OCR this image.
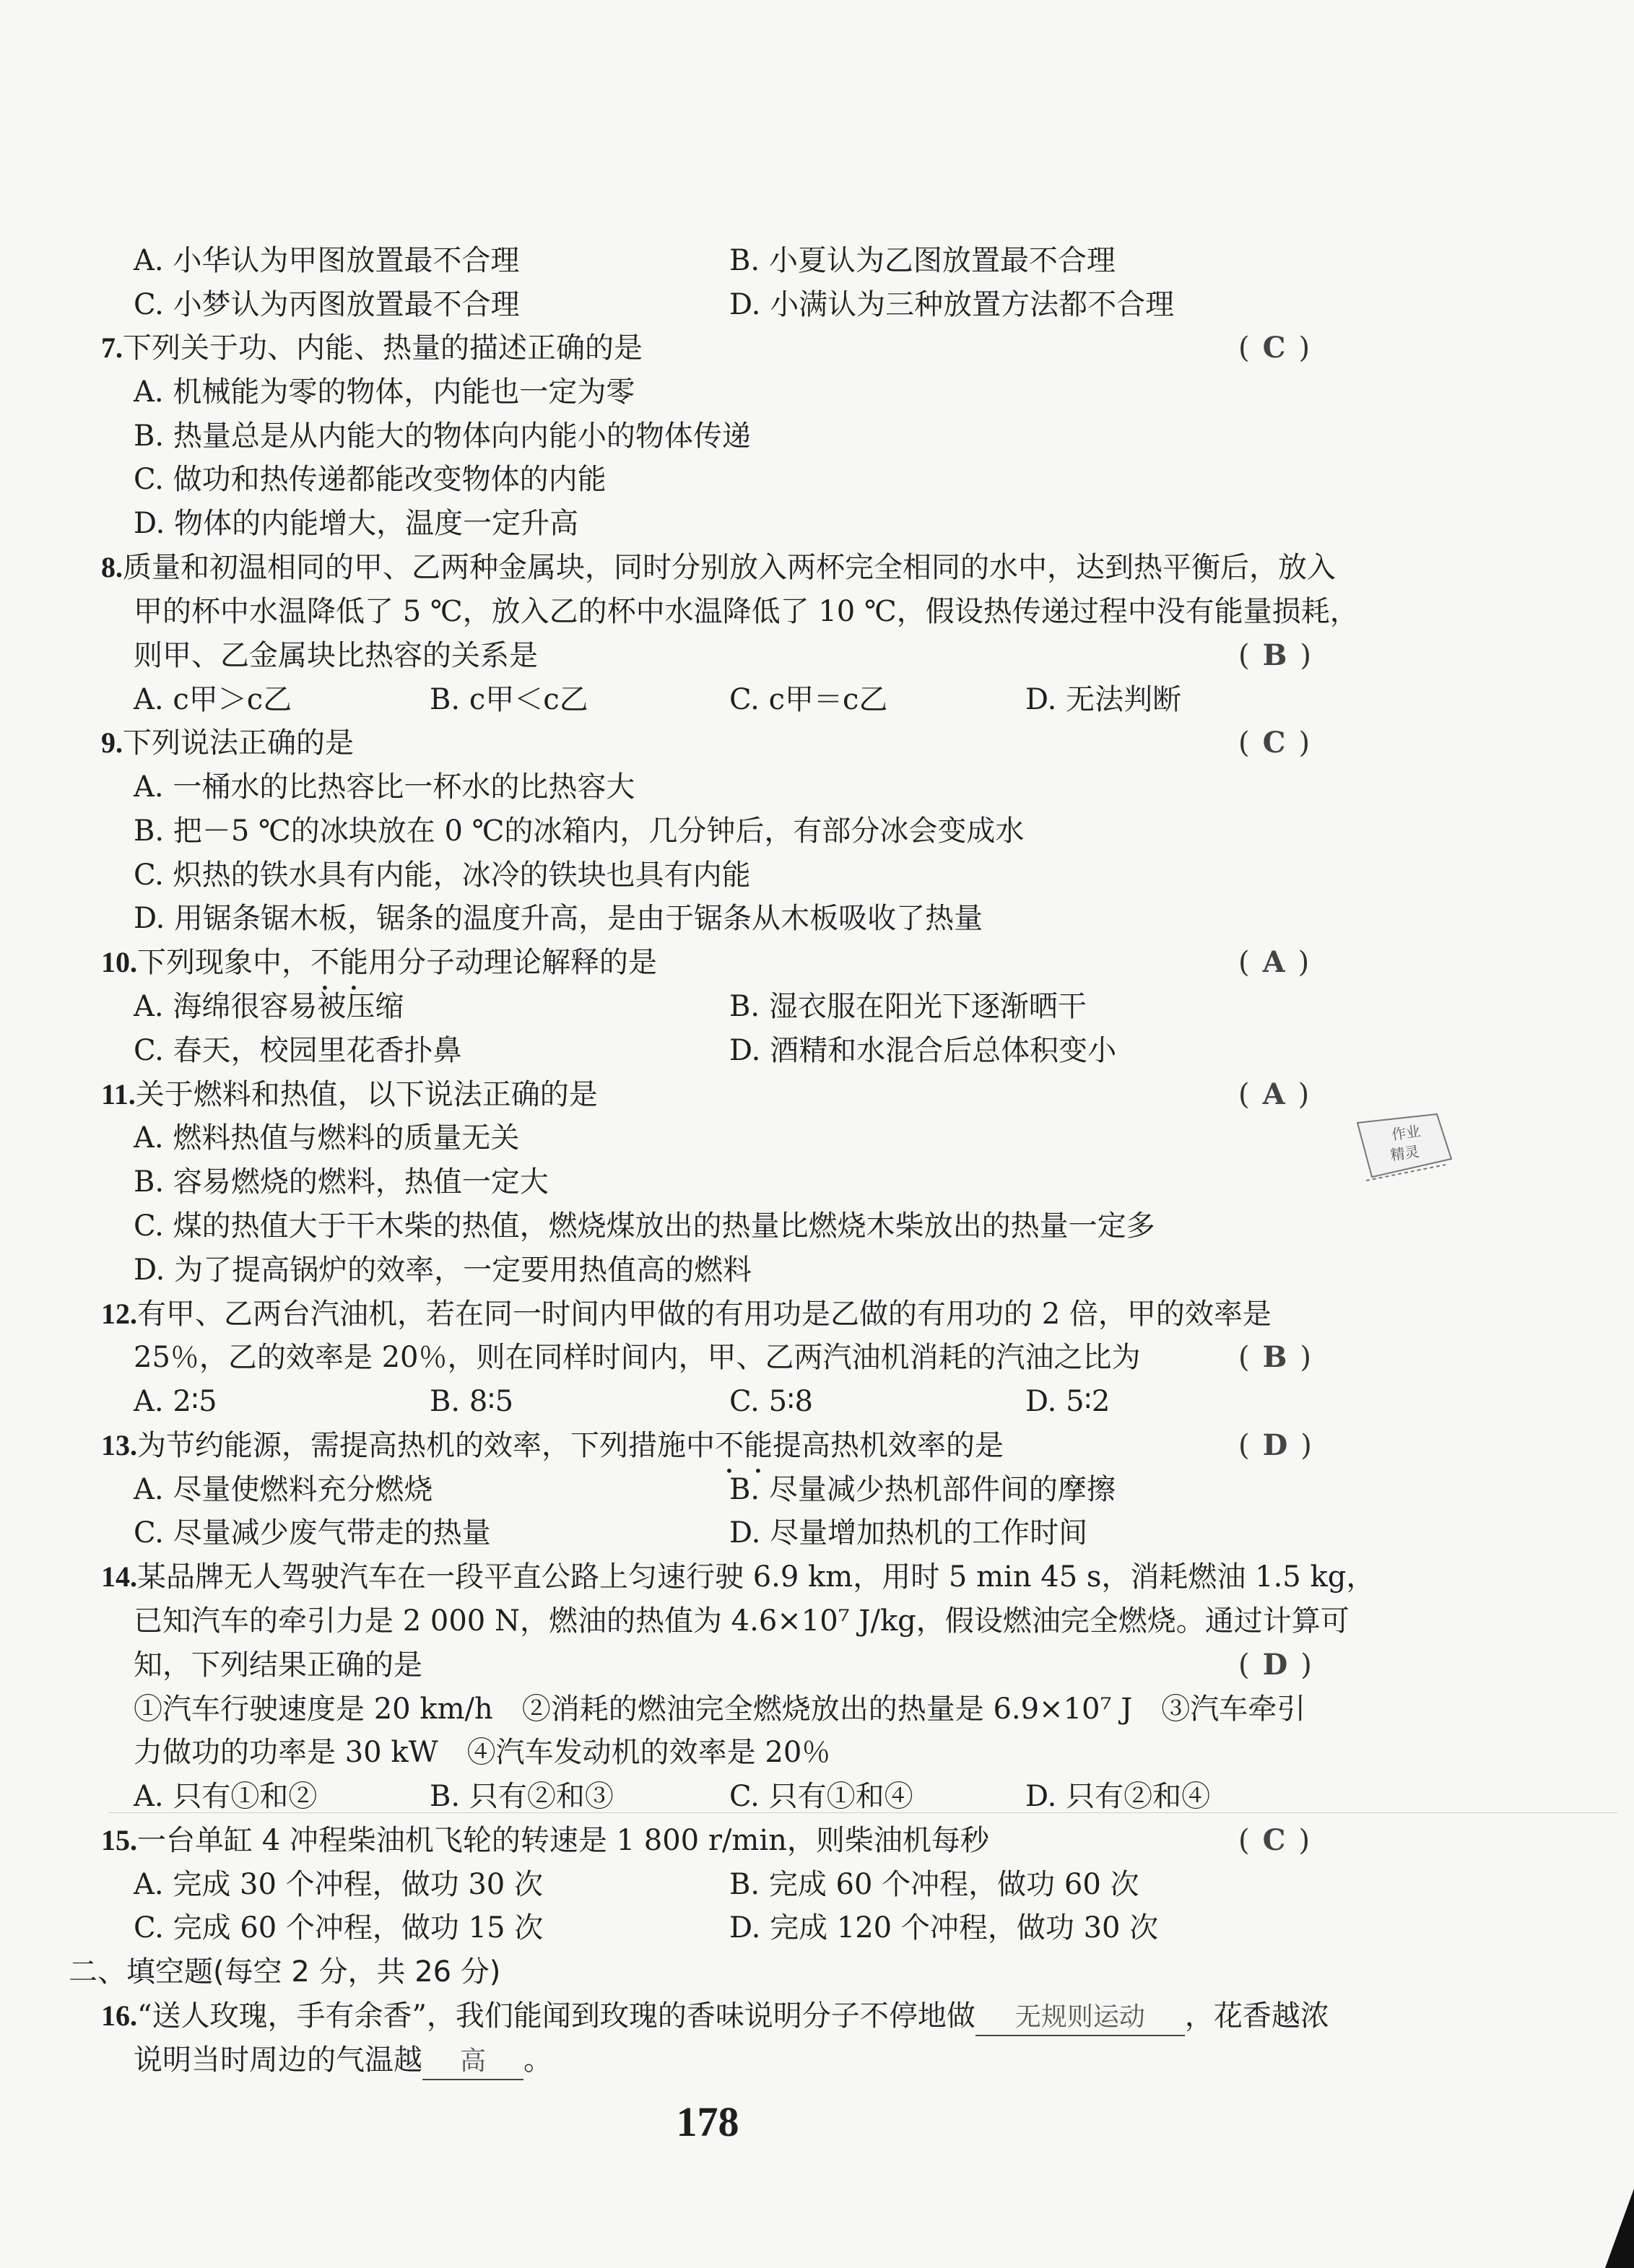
A. 小华认为甲图放置最不合理	B. 小夏认为乙图放置最不合理
C. 小梦认为丙图放置最不合理	D. 小满认为三种放置方法都不合理
7.下列关于功、内能、热量的描述正确的是	(C)
A. 机械能为零的物体，内能也一定为零
B. 热量总是从内能大的物体向内能小的物体传递
C. 做功和热传递都能改变物体的内能
D. 物体的内能增大，温度一定升高
8.质量和初温相同的甲、乙两种金属块，同时分别放入两杯完全相同的水中，达到热平衡后，放入
甲的杯中水温降低了 5 ℃，放入乙的杯中水温降低了 10 ℃，假设热传递过程中没有能量损耗，
则甲、乙金属块比热容的关系是	(B)
A. c甲＞c乙	B. c甲＜c乙	C. c甲＝c乙	D. 无法判断
9.下列说法正确的是	(C)
A. 一桶水的比热容比一杯水的比热容大
B. 把－5 ℃的冰块放在 0 ℃的冰箱内，几分钟后，有部分冰会变成水
C. 炽热的铁水具有内能，冰冷的铁块也具有内能
D. 用锯条锯木板，锯条的温度升高，是由于锯条从木板吸收了热量
10.下列现象中，不能用分子动理论解释的是	(A)
A. 海绵很容易被压缩	B. 湿衣服在阳光下逐渐晒干
C. 春天，校园里花香扑鼻	D. 酒精和水混合后总体积变小
11.关于燃料和热值，以下说法正确的是	(A)
A. 燃料热值与燃料的质量无关
B. 容易燃烧的燃料，热值一定大
C. 煤的热值大于干木柴的热值，燃烧煤放出的热量比燃烧木柴放出的热量一定多
D. 为了提高锅炉的效率，一定要用热值高的燃料
作业
精灵
12.有甲、乙两台汽油机，若在同一时间内甲做的有用功是乙做的有用功的 2 倍，甲的效率是
25％，乙的效率是 20％，则在同样时间内，甲、乙两汽油机消耗的汽油之比为	(B)
A. 2∶5	B. 8∶5	C. 5∶8	D. 5∶2
13.为节约能源，需提高热机的效率，下列措施中不能提高热机效率的是	(D)
A. 尽量使燃料充分燃烧	B. 尽量减少热机部件间的摩擦
C. 尽量减少废气带走的热量	D. 尽量增加热机的工作时间
14.某品牌无人驾驶汽车在一段平直公路上匀速行驶 6.9 km，用时 5 min 45 s，消耗燃油 1.5 kg，
已知汽车的牵引力是 2 000 N，燃油的热值为 4.6×10⁷ J/kg，假设燃油完全燃烧。通过计算可
知，下列结果正确的是	(D)
①汽车行驶速度是 20 km/h　②消耗的燃油完全燃烧放出的热量是 6.9×10⁷ J　③汽车牵引
力做功的功率是 30 kW　④汽车发动机的效率是 20％
A. 只有①和②	B. 只有②和③	C. 只有①和④	D. 只有②和④
15.一台单缸 4 冲程柴油机飞轮的转速是 1 800 r/min，则柴油机每秒	(C)
A. 完成 30 个冲程，做功 30 次	B. 完成 60 个冲程，做功 60 次
C. 完成 60 个冲程，做功 15 次	D. 完成 120 个冲程，做功 30 次
二、填空题(每空 2 分，共 26 分)
16.“送人玫瑰，手有余香”，我们能闻到玫瑰的香味说明分子不停地做 无规则运动 ，花香越浓
说明当时周边的气温越 高 。
178
